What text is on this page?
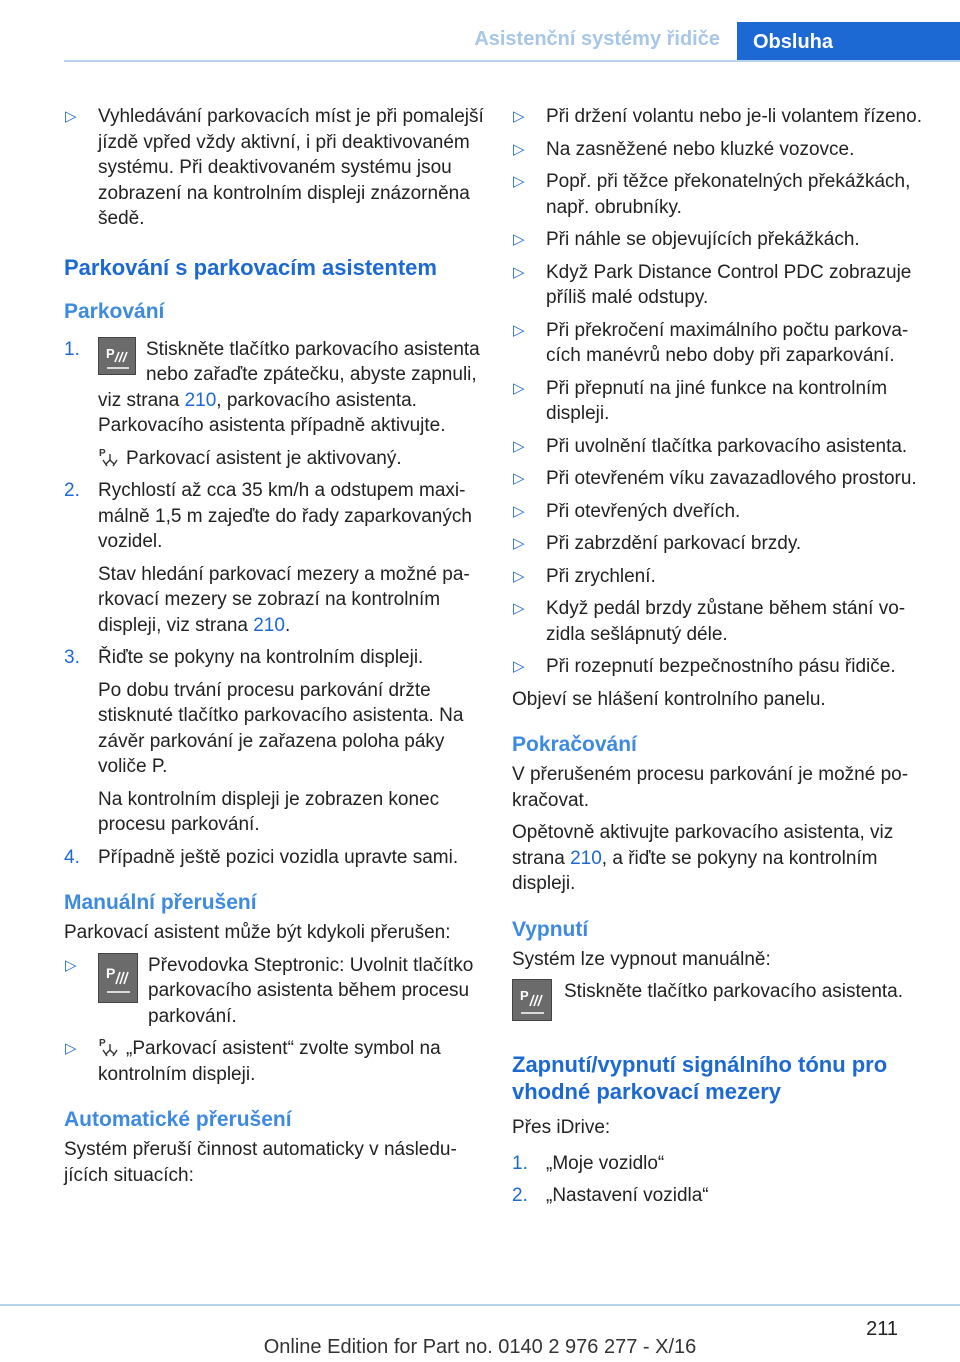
Asistenční systémy řidiče	Obsluha
▷ Vyhledávání parkovacích míst je při pomalejší jízdě vpřed vždy aktivní, i při deaktivovaném systému. Při deaktivovaném systému jsou zobrazení na kontrolním displeji znázorněna šedě.
Parkování s parkovacím asistentem
Parkování
1. P Stiskněte tlačítko parkovacího asistenta nebo zařaďte zpátečku, abyste zapnuli, viz strana 210, parkovacího asistenta. Parkovacího asistenta případně aktivujte.
P Parkovací asistent je aktivovaný.
2. Rychlostí až cca 35 km/h a odstupem maximálně 1,5 m zajeďte do řady zaparkovaných vozidel.
Stav hledání parkovací mezery a možné parkovací mezery se zobrazí na kontrolním displeji, viz strana 210.
3. Řiďte se pokyny na kontrolním displeji.
Po dobu trvání procesu parkování držte stisknuté tlačítko parkovacího asistenta. Na závěr parkování je zařazena poloha páky voliče P.
Na kontrolním displeji je zobrazen konec procesu parkování.
4. Případně ještě pozici vozidla upravte sami.
Manuální přerušení
Parkovací asistent může být kdykoli přerušen:
▷ P Převodovka Steptronic: Uvolnit tlačítko parkovacího asistenta během procesu parkování.
▷ P „Parkovací asistent“ zvolte symbol na kontrolním displeji.
Automatické přerušení
Systém přeruší činnost automaticky v následujících situacích:
▷ Při držení volantu nebo je-li volantem řízeno.
▷ Na zasněžené nebo kluzké vozovce.
▷ Popř. při těžce překonatelných překážkách, např. obrubníky.
▷ Při náhle se objevujících překážkách.
▷ Když Park Distance Control PDC zobrazuje příliš malé odstupy.
▷ Při překročení maximálního počtu parkovacích manévrů nebo doby při zaparkování.
▷ Při přepnutí na jiné funkce na kontrolním displeji.
▷ Při uvolnění tlačítka parkovacího asistenta.
▷ Při otevřeném víku zavazadlového prostoru.
▷ Při otevřených dveřích.
▷ Při zabrzdění parkovací brzdy.
▷ Při zrychlení.
▷ Když pedál brzdy zůstane během stání vozidla sešlápnutý déle.
▷ Při rozepnutí bezpečnostního pásu řidiče.
Objeví se hlášení kontrolního panelu.
Pokračování
V přerušeném procesu parkování je možné pokračovat.
Opětovně aktivujte parkovacího asistenta, viz strana 210, a řiďte se pokyny na kontrolním displeji.
Vypnutí
Systém lze vypnout manuálně:
P Stiskněte tlačítko parkovacího asistenta.
Zapnutí/vypnutí signálního tónu pro vhodné parkovací mezery
Přes iDrive:
1. „Moje vozidlo“
2. „Nastavení vozidla“
211
Online Edition for Part no. 0140 2 976 277 - X/16
